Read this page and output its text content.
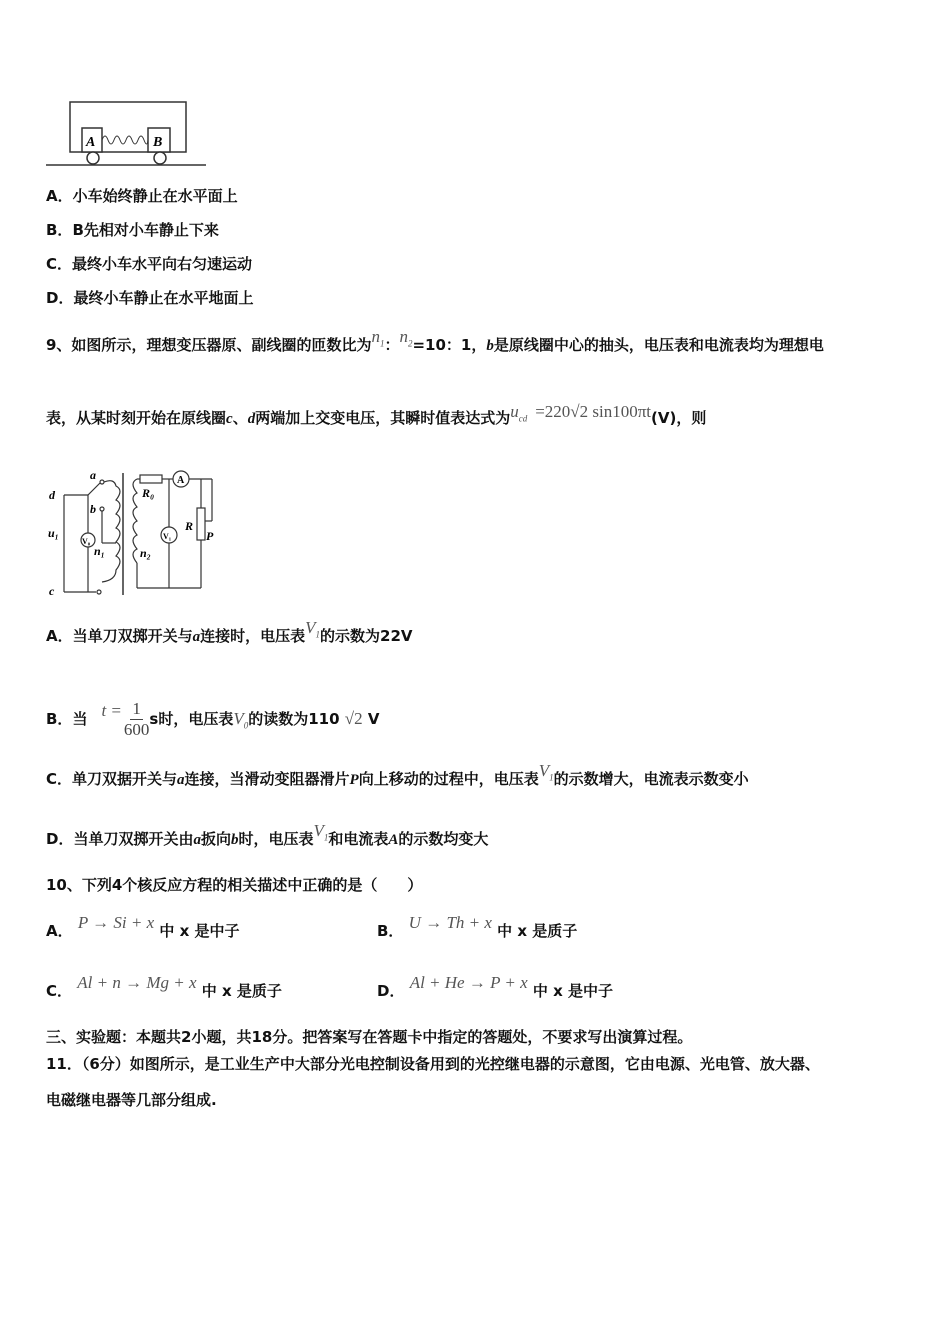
A	B
A．小车始终静止在水平面上
B．B先相对小车静止下来
C．最终小车水平向右匀速运动
D．最终小车静止在水平地面上
9、如图所示，理想变压器原、副线圈的匝数比为$n_1$：$n_2=10$：1，b是原线圈中心的抽头，电压表和电流表均为理想电
表，从某时刻开始在原线圈c、d两端加上交变电压，其瞬时值表达式为$u_{cd} =220√2$ sin100πt(V)，则
d
c
u₁
V₀
a
b
n₁	n₂
R₀
A
V₁
R
P
A．当单刀双掷开关与a连接时，电压表$V_1$的示数为22V
B．当 $t = \frac{1}{600}$ s时，电压表$V_0$的读数为110 √2 V
C．单刀双据开关与a连接，当滑动变阻器滑片P向上移动的过程中，电压表$V_1$的示数增大，电流表示数变小
D．当单刀双掷开关由a扳向b时，电压表$V_1$和电流表A的示数均变大
10、下列4个核反应方程的相关描述中正确的是（　　）
A． P → Si + x 中 x 是中子	B． U → Th + x 中 x 是质子
C． Al + n → Mg + x 中 x 是质子	D． Al + He → P + x 中 x 是中子
三、实验题：本题共2小题，共18分。把答案写在答题卡中指定的答题处，不要求写出演算过程。
11．（6分）如图所示，是工业生产中大部分光电控制设备用到的光控继电器的示意图，它由电源、光电管、放大器、
电磁继电器等几部分组成.
